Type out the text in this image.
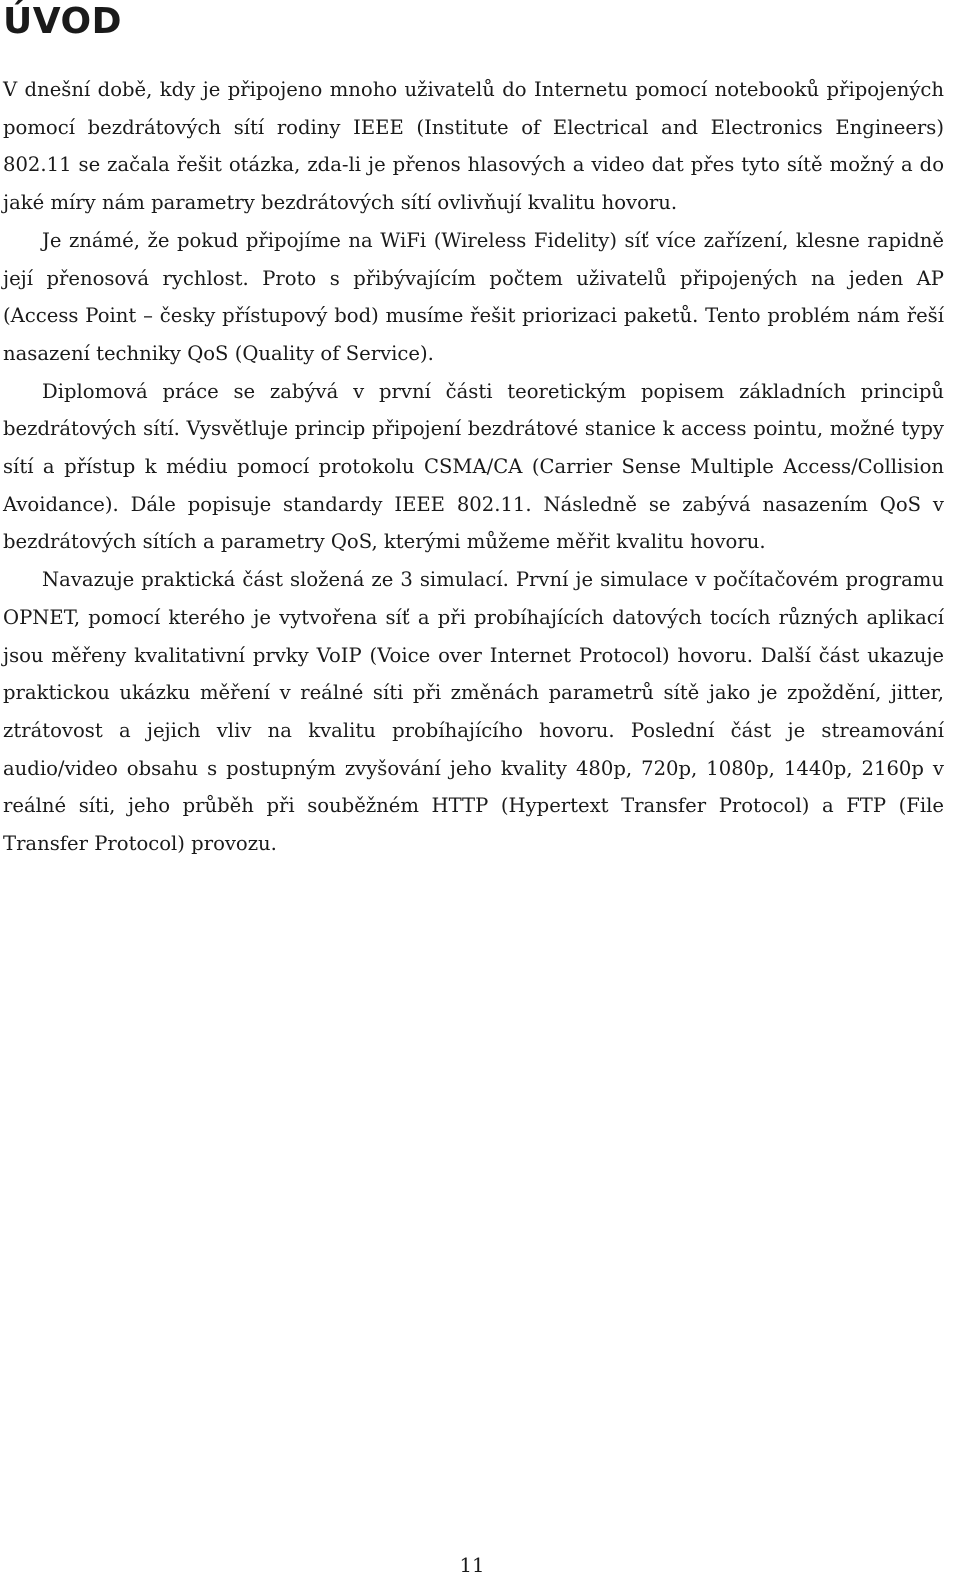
ÚVOD

V dnešní době, kdy je připojeno mnoho uživatelů do Internetu pomocí notebooků připojených pomocí bezdrátových sítí rodiny IEEE (Institute of Electrical and Electronics Engineers) 802.11 se začala řešit otázka, zda-li je přenos hlasových a video dat přes tyto sítě možný a do jaké míry nám parametry bezdrátových sítí ovlivňují kvalitu hovoru.

Je známé, že pokud připojíme na WiFi (Wireless Fidelity) síť více zařízení, klesne rapidně její přenosová rychlost. Proto s přibývajícím počtem uživatelů připojených na jeden AP (Access Point – česky přístupový bod) musíme řešit priorizaci paketů. Tento problém nám řeší nasazení techniky QoS (Quality of Service).

Diplomová práce se zabývá v první části teoretickým popisem základních principů bezdrátových sítí. Vysvětluje princip připojení bezdrátové stanice k access pointu, možné typy sítí a přístup k médiu pomocí protokolu CSMA/CA (Carrier Sense Multiple Access/Collision Avoidance). Dále popisuje standardy IEEE 802.11. Následně se zabývá nasazením QoS v bezdrátových sítích a parametry QoS, kterými můžeme měřit kvalitu hovoru.

Navazuje praktická část složená ze 3 simulací. První je simulace v počítačovém programu OPNET, pomocí kterého je vytvořena síť a při probíhajících datových tocích různých aplikací jsou měřeny kvalitativní prvky VoIP (Voice over Internet Protocol) hovoru. Další část ukazuje praktickou ukázku měření v reálné síti při změnách parametrů sítě jako je zpoždění, jitter, ztrátovost a jejich vliv na kvalitu probíhajícího hovoru. Poslední část je streamování audio/video obsahu s postupným zvyšování jeho kvality 480p, 720p, 1080p, 1440p, 2160p v reálné síti, jeho průběh při souběžném HTTP (Hypertext Transfer Protocol) a FTP (File Transfer Protocol) provozu.

11
